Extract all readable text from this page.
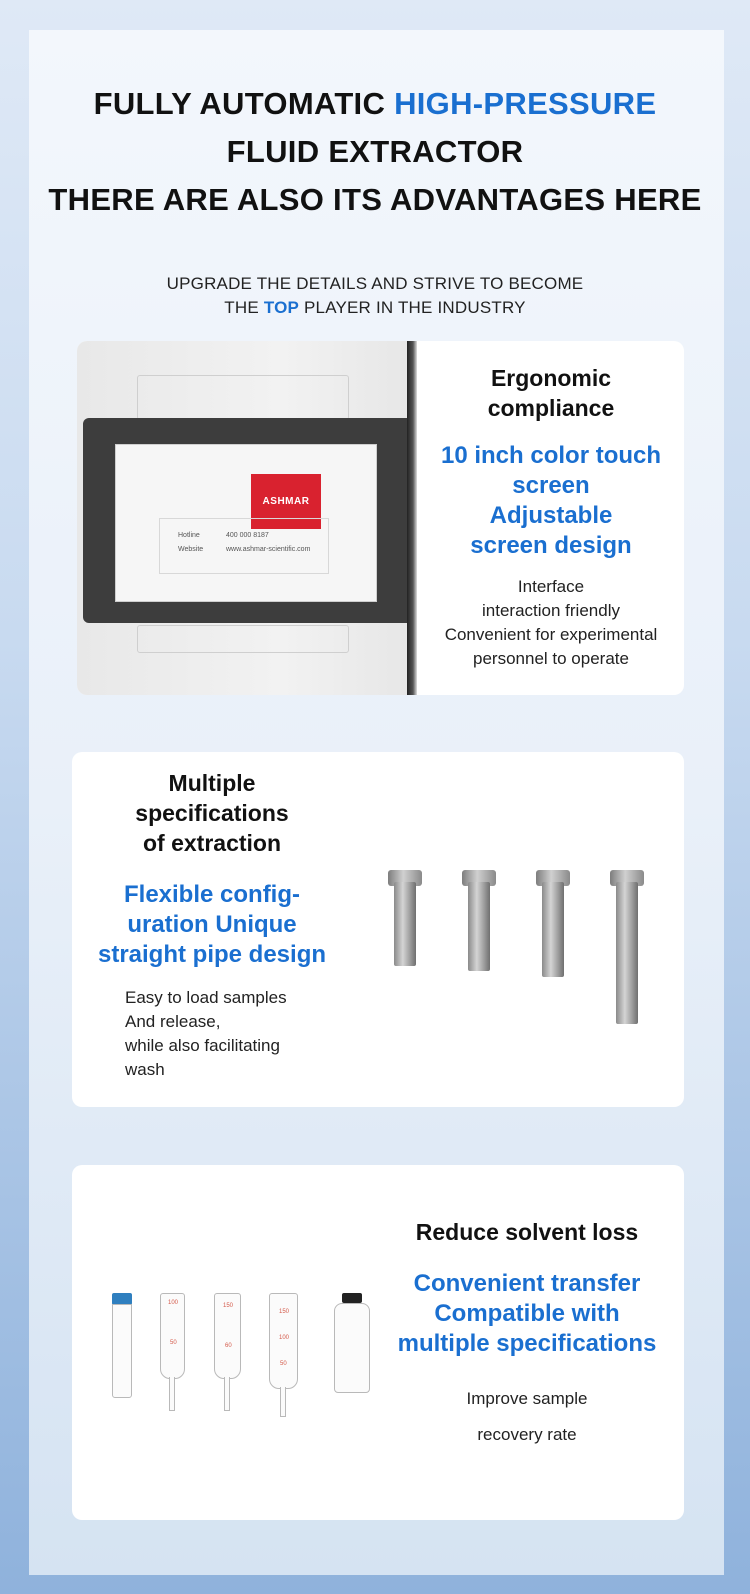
FULLY AUTOMATIC HIGH-PRESSURE
FLUID EXTRACTOR
THERE ARE ALSO ITS ADVANTAGES HERE
UPGRADE THE DETAILS AND STRIVE TO BECOME
THE TOP PLAYER IN THE INDUSTRY
ASHMAR
Hotline	400 000 8187
Website	www.ashmar-scientific.com
Ergonomic
compliance
10 inch color touch
screen
Adjustable
screen design
Interface
interaction friendly
Convenient for experimental
personnel to operate
Multiple
specifications
of extraction
Flexible config-
uration Unique
straight pipe design
Easy to load samples
And release,
while also facilitating
wash
100
50
150
60
150
100
50
Reduce solvent loss
Convenient transfer
Compatible with
multiple specifications
Improve sample
recovery rate
